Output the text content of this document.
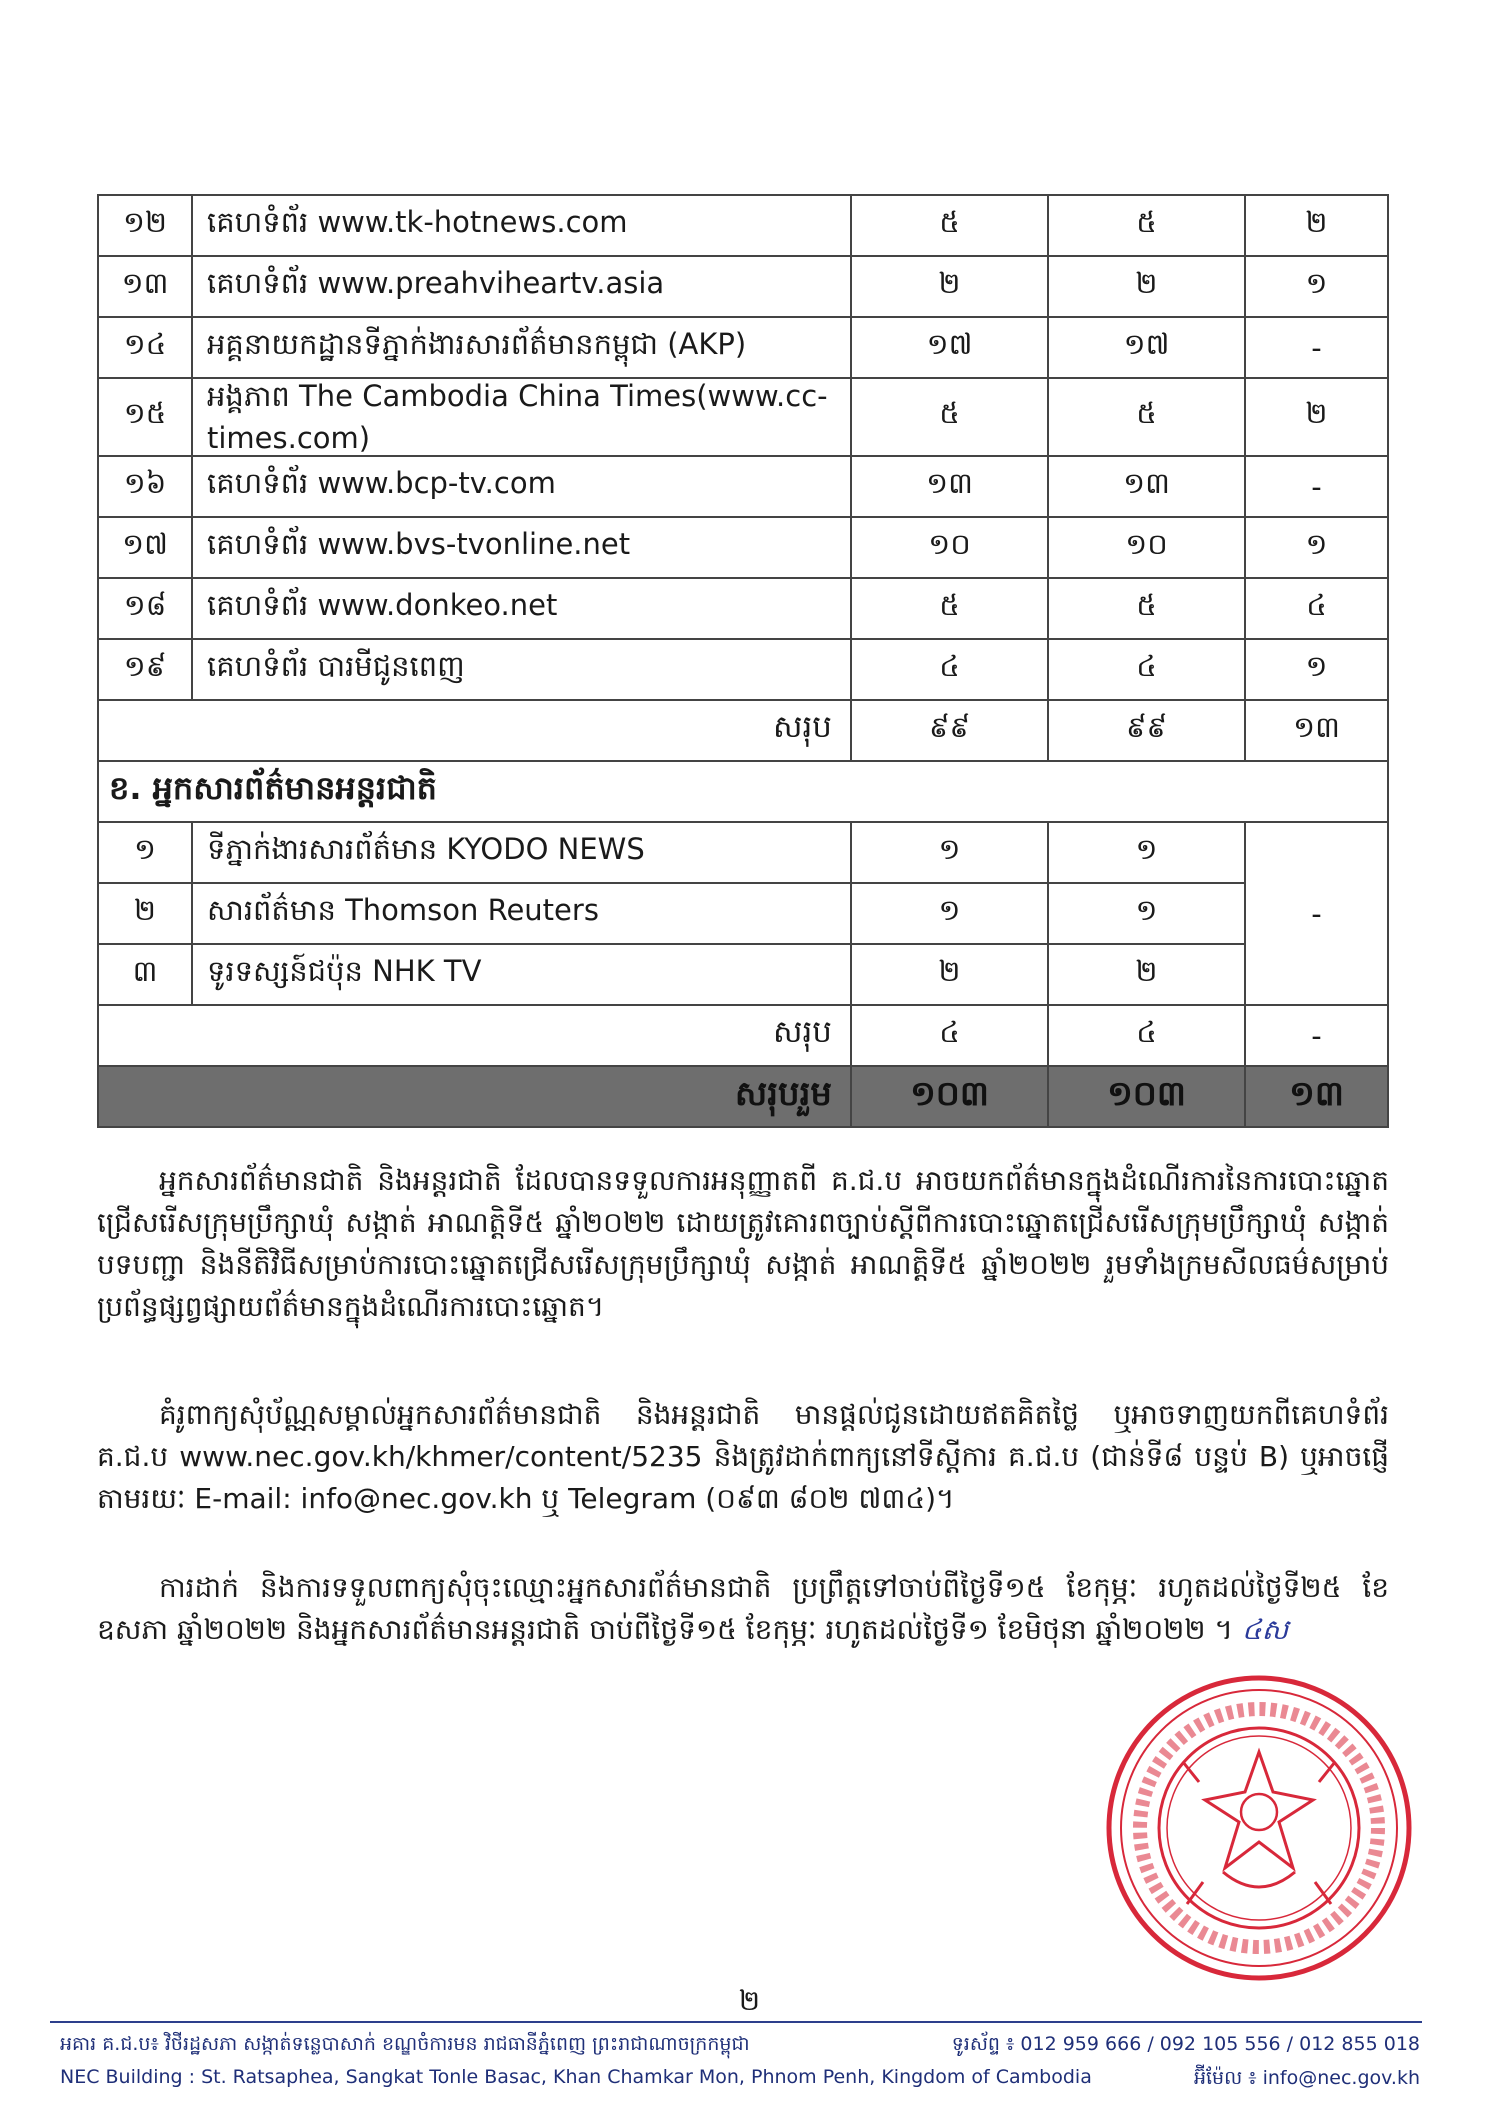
១២	គេហទំព័រ www.tk-hotnews.com	៥	៥	២
១៣	គេហទំព័រ www.preahviheartv.asia	២	២	១
១៤	អគ្គនាយកដ្ឋានទីភ្នាក់ងារសារព័ត៌មានកម្ពុជា (AKP)	១៧	១៧	-
១៥	អង្គភាព The Cambodia China Times(www.cc-times.com)	៥	៥	២
១៦	គេហទំព័រ www.bcp-tv.com	១៣	១៣	-
១៧	គេហទំព័រ www.bvs-tvonline.net	១០	១០	១
១៨	គេហទំព័រ www.donkeo.net	៥	៥	៤
១៩	គេហទំព័រ បារមីជូនពេញ	៤	៤	១
សរុប		៩៩	៩៩	១៣
ខ. អ្នកសារព័ត៌មានអន្តរជាតិ				
១	ទីភ្នាក់ងារសារព័ត៌មាន KYODO NEWS	១	១	-
២	សារព័ត៌មាន Thomson Reuters	១	១	
៣	ទូរទស្សន៍ជប៉ុន NHK TV	២	២	
សរុប		៤	៤	-
សរុបរួម		១០៣	១០៣	១៣
អ្នកសារព័ត៌មានជាតិ និងអន្តរជាតិ ដែលបានទទួលការអនុញ្ញាតពី គ.ជ.ប អាចយកព័ត៌មានក្នុងដំណើរការនៃការបោះឆ្នោតជ្រើសរើសក្រុមប្រឹក្សាឃុំ សង្កាត់ អាណត្តិទី៥ ឆ្នាំ២០២២ ដោយត្រូវគោរពច្បាប់ស្តីពីការបោះឆ្នោតជ្រើសរើសក្រុមប្រឹក្សាឃុំ សង្កាត់ បទបញ្ជា និងនីតិវិធីសម្រាប់ការបោះឆ្នោតជ្រើសរើសក្រុមប្រឹក្សាឃុំ សង្កាត់ អាណត្តិទី៥ ឆ្នាំ២០២២ រួមទាំងក្រមសីលធម៌សម្រាប់ប្រព័ន្ធផ្សព្វផ្សាយព័ត៌មានក្នុងដំណើរការបោះឆ្នោត។
គំរូពាក្យសុំប័ណ្ណសម្គាល់អ្នកសារព័ត៌មានជាតិ និងអន្តរជាតិ មានផ្តល់ជូនដោយឥតគិតថ្លៃ ឬអាចទាញយកពីគេហទំព័រ គ.ជ.ប www.nec.gov.kh/khmer/content/5235 និងត្រូវដាក់ពាក្យនៅទីស្តីការ គ.ជ.ប (ជាន់ទី៨ បន្ទប់ B) ឬអាចផ្ញើតាមរយៈ E-mail: info@nec.gov.kh ឬ Telegram (០៩៣ ៨០២ ៧៣៤)។
ការដាក់ និងការទទួលពាក្យសុំចុះឈ្មោះអ្នកសារព័ត៌មានជាតិ ប្រព្រឹត្តទៅចាប់ពីថ្ងៃទី១៥ ខែកុម្ភៈ រហូតដល់ថ្ងៃទី២៥ ខែឧសភា ឆ្នាំ២០២២ និងអ្នកសារព័ត៌មានអន្តរជាតិ ចាប់ពីថ្ងៃទី១៥ ខែកុម្ភៈ រហូតដល់ថ្ងៃទី១ ខែមិថុនា ឆ្នាំ២០២២ ។ ៤ស
២
អគារ គ.ជ.ប៖ វិថីរដ្ឋសភា សង្កាត់ទន្លេបាសាក់ ខណ្ឌចំការមន រាជធានីភ្នំពេញ ព្រះរាជាណាចក្រកម្ពុជា	ទូរស័ព្ទ ៖ 012 959 666 / 092 105 556 / 012 855 018
NEC Building : St. Ratsaphea, Sangkat Tonle Basac, Khan Chamkar Mon, Phnom Penh, Kingdom of Cambodia	អ៊ីម៉ែល ៖ info@nec.gov.kh
